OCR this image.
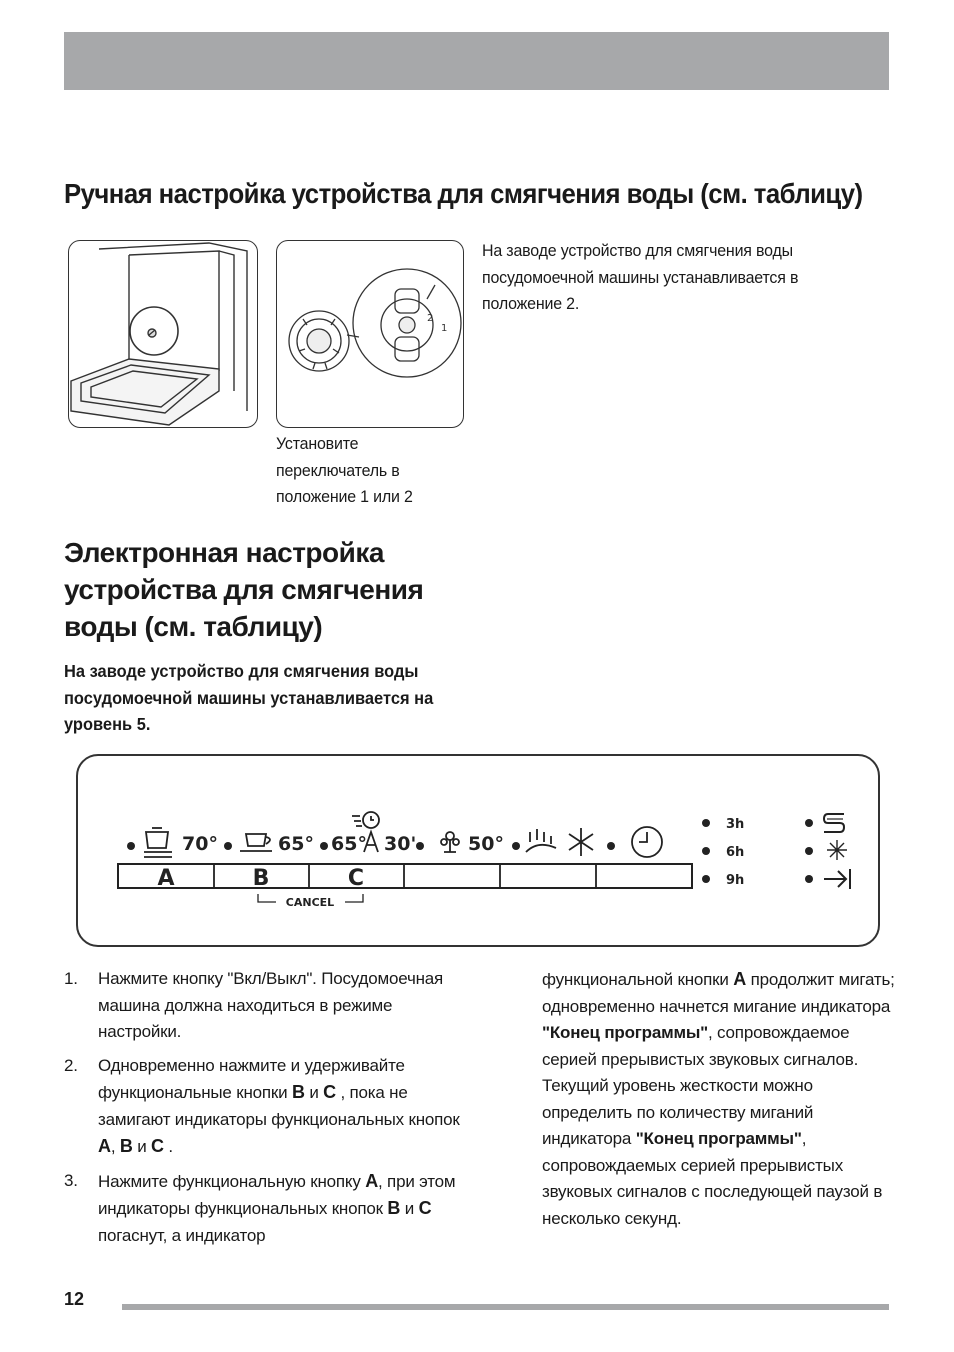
Ручная настройка устройства для смягчения воды (см. таблицу)
2
1
Установите переключатель в положение 1 или 2
На заводе устройство для смягчения воды посудомоечной машины устанавливается в положение 2.
Электронная настройка устройства для смягчения воды (см. таблицу)
На заводе устройство для смягчения воды посудомоечной машины устанавливается на уровень 5.
70°	65° 65° 30'	50°
A	B	C
CANCEL
3h
6h
9h
1. Нажмите кнопку "Вкл/Выкл". Посудомоечная машина должна находиться в режиме настройки.
2. Одновременно нажмите и удерживайте функциональные кнопки B и C , пока не замигают индикаторы функциональных кнопок A, B и C .
3. Нажмите функциональную кнопку A, при этом индикаторы функциональных кнопок B и C погаснут, а индикатор
функциональной кнопки A продолжит мигать; одновременно начнется мигание индикатора "Конец программы", сопровождаемое серией прерывистых звуковых сигналов. Текущий уровень жесткости можно определить по количеству миганий индикатора "Конец программы", сопровождаемых серией прерывистых звуковых сигналов с последующей паузой в несколько секунд.
12
